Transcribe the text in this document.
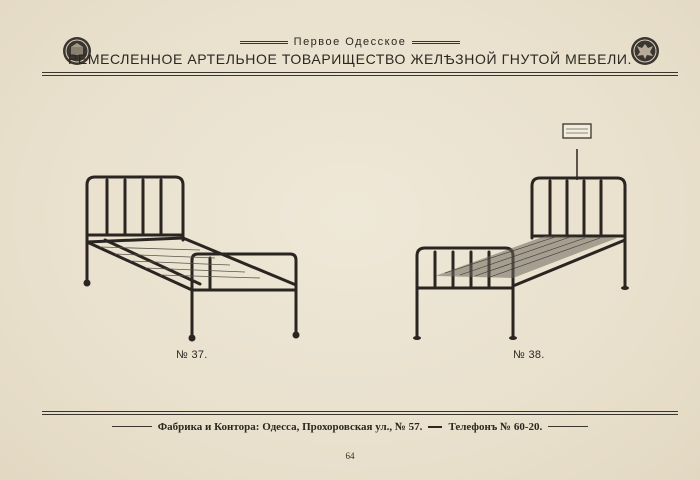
Первое Одесское
РЕМЕСЛЕННОЕ АРТЕЛЬНОЕ ТОВАРИЩЕСТВО ЖЕЛѢЗНОЙ ГНУТОЙ МЕБЕЛИ.
№ 37.	№ 38.
Фабрика и Контора: Одесса, Прохоровская ул., № 57. Телефонъ № 60-20.
64
